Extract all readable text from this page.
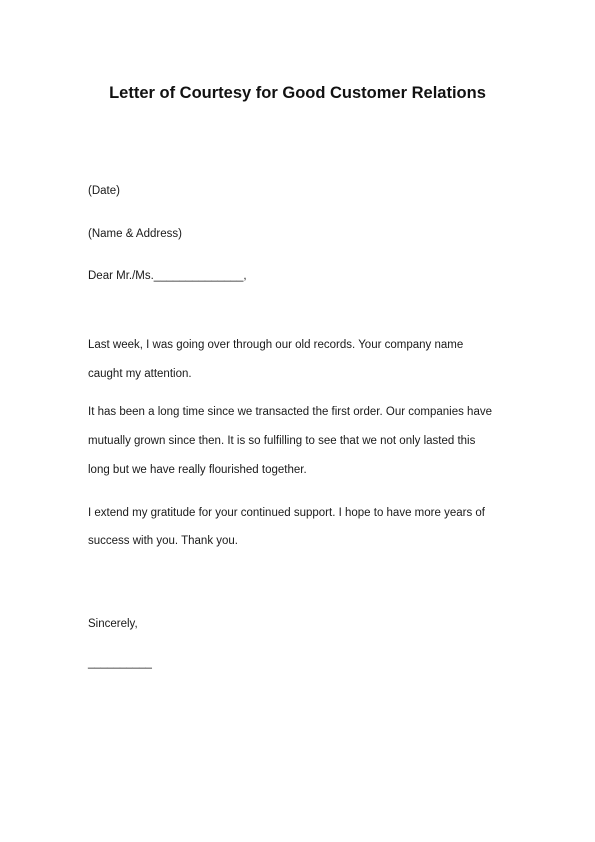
Letter of Courtesy for Good Customer Relations

(Date)

(Name & Address)

Dear Mr./Ms.______________,

Last week, I was going over through our old records. Your company name

caught my attention.

It has been a long time since we transacted the first order. Our companies have

mutually grown since then. It is so fulfilling to see that we not only lasted this

long but we have really flourished together.

I extend my gratitude for your continued support. I hope to have more years of

success with you. Thank you.

Sincerely,

__________
